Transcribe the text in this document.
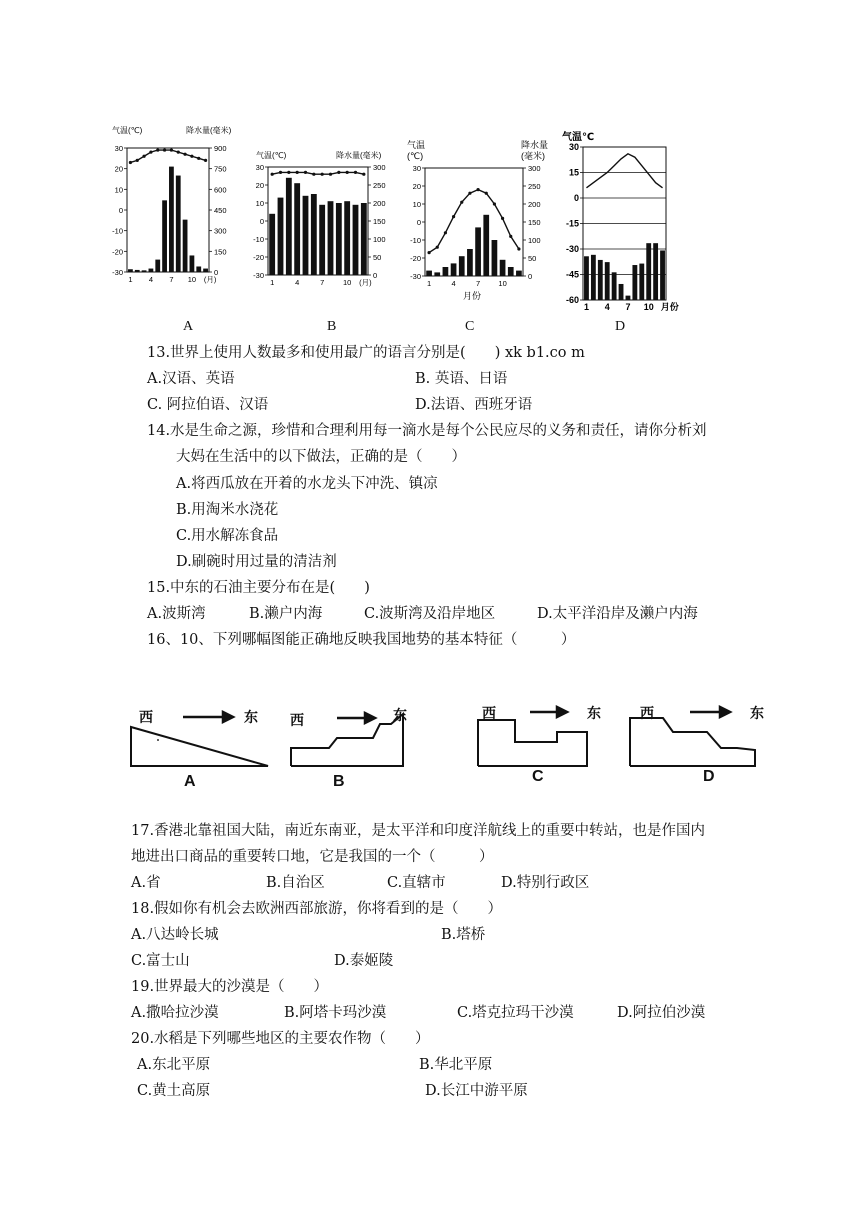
气温(℃)	降水量(毫米)
30
20
10
0
-10
-20
-30
900
750
600
450
300
150
0
1 4 7 10 (月)
气温(℃)	降水量(毫米)
30
20
10
0
-10
-20
-30
300
250
200
150
100
50
0
1	4	7 10 (月)
气温
(℃)
降水量
(毫米)
月份
30
20
10
0
-10
-20
-30
300
250
200
150
100
50
0
1	4	7 10
气温℃
30
15
0
-15
-30
-45
-60
1 4 7 10 月份
A	B	C	D
13.世界上使用人数最多和使用最广的语言分别是(　　) xk b1.co m
A.汉语、英语	B. 英语、日语
C. 阿拉伯语、汉语	D.法语、西班牙语
14.水是生命之源，珍惜和合理利用每一滴水是每个公民应尽的义务和责任，请你分析刘
大妈在生活中的以下做法，正确的是（　　）
A.将西瓜放在开着的水龙头下冲洗、镇凉
B.用淘米水浇花
C.用水解冻食品
D.刷碗时用过量的清洁剂
15.中东的石油主要分布在是(　　)
A.波斯湾	B.濑户内海	C.波斯湾及沿岸地区	D.太平洋沿岸及濑户内海
16、10、下列哪幅图能正确地反映我国地势的基本特征（　　　）
西	东 西	东	西	东	西	东
A	B	C	D
17.香港北靠祖国大陆，南近东南亚，是太平洋和印度洋航线上的重要中转站，也是作国内
地进出口商品的重要转口地，它是我国的一个（　　　）
A.省	B.自治区	C.直辖市	D.特别行政区
18.假如你有机会去欧洲西部旅游，你将看到的是（　　）
A.八达岭长城	B.塔桥
C.富士山	D.泰姬陵
19.世界最大的沙漠是（　　）
A.撒哈拉沙漠	B.阿塔卡玛沙漠	C.塔克拉玛干沙漠	D.阿拉伯沙漠
20.水稻是下列哪些地区的主要农作物（　　）
A.东北平原	B.华北平原
C.黄土高原	D.长江中游平原
